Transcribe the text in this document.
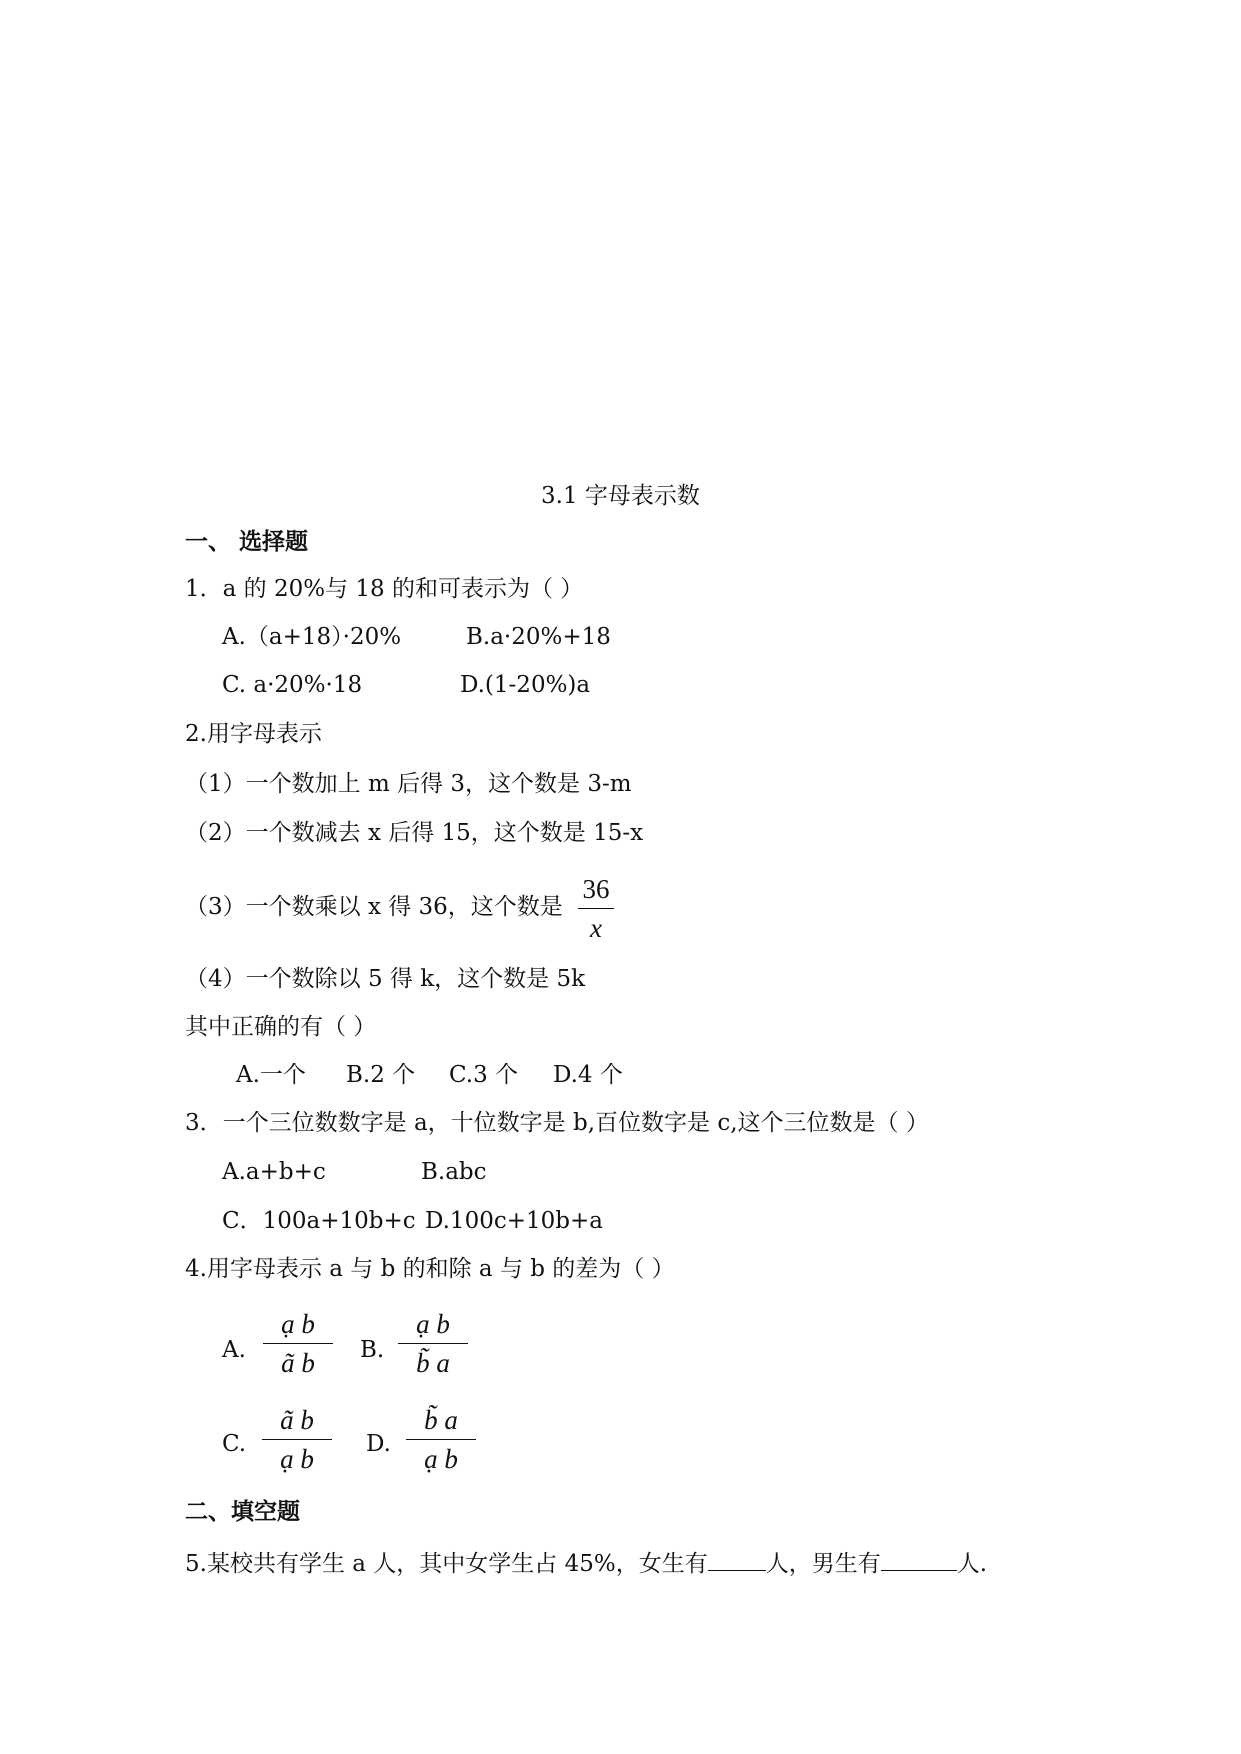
3.1 字母表示数
一、 选择题
1．a 的 20%与 18 的和可表示为（ ）
A.（a+18）·20%	B.a·20%+18
C. a·20%·18	D.(1-20%)a
2.用字母表示
（1）一个数加上 m 后得 3，这个数是 3-m
（2）一个数减去 x 后得 15，这个数是 15-x
（3）一个数乘以 x 得 36，这个数是
36
x
（4）一个数除以 5 得 k，这个数是 5k
其中正确的有（ ）
A.一个 B.2 个 C.3 个 D.4 个
3．一个三位数数字是 a，十位数字是 b,百位数字是 c,这个三位数是（ ）
A.a+b+c	B.abc
C．100a+10b+c D.100c+10b+a
4.用字母表示 a 与 b 的和除 a 与 b 的差为（ ）
A.
ạ b
ã b	B.
ạ b
b̃ a
C.
ã b
ạ b	D.
b̃ a
ạ b
二、填空题
5.某校共有学生 a 人，其中女学生占 45%，女生有	人，男生有	人.
